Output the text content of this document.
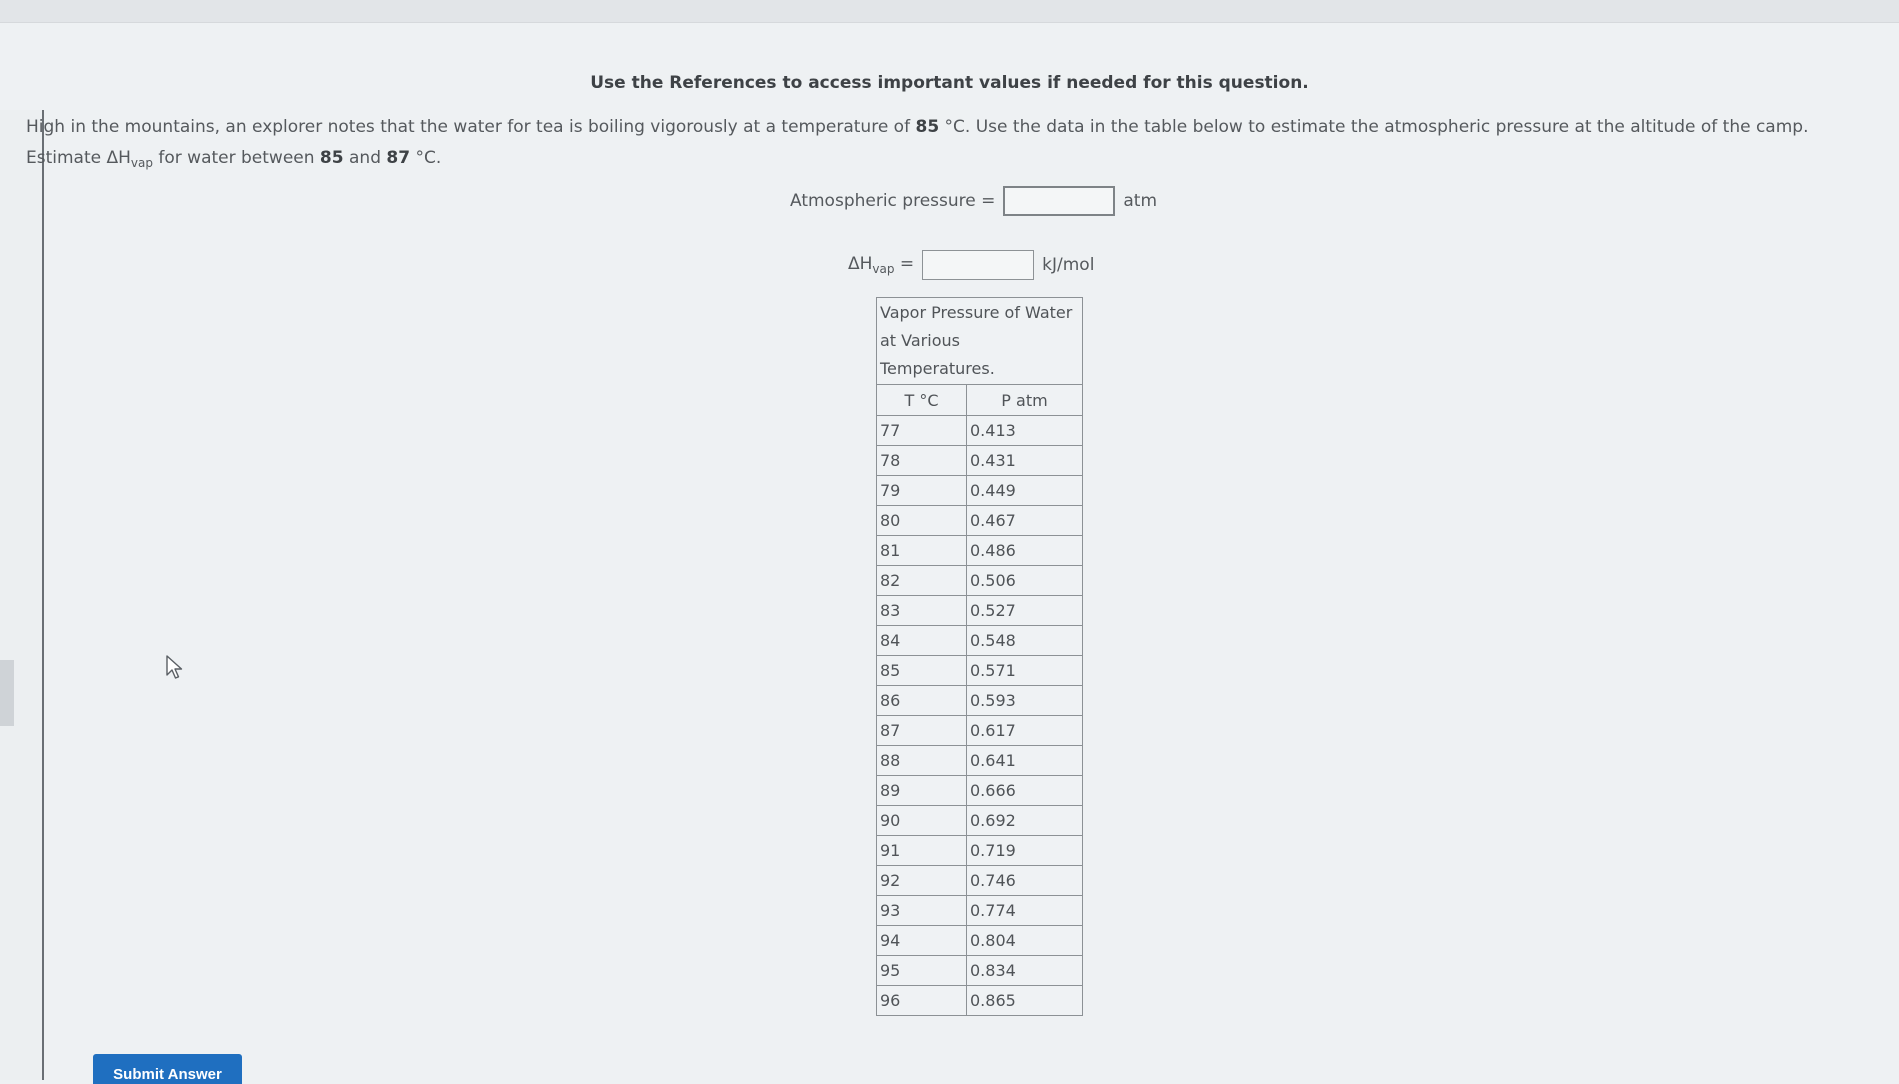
Use the References to access important values if needed for this question.
High in the mountains, an explorer notes that the water for tea is boiling vigorously at a temperature of 85 °C. Use the data in the table below to estimate the atmospheric pressure at the altitude of the camp.
Estimate $\Delta H_{vap}$ for water between 85 and 87 °C.
Atmospheric pressure =	atm
$\Delta H_{vap}$ =	kJ/mol
Vapor Pressure of Water
at Various Temperatures.	

T °C	P atm
77	0.413
78	0.431
79	0.449
80	0.467
81	0.486
82	0.506
83	0.527
84	0.548
85	0.571
86	0.593
87	0.617
88	0.641
89	0.666
90	0.692
91	0.719
92	0.746
93	0.774
94	0.804
95	0.834
96	0.865
Submit Answer
